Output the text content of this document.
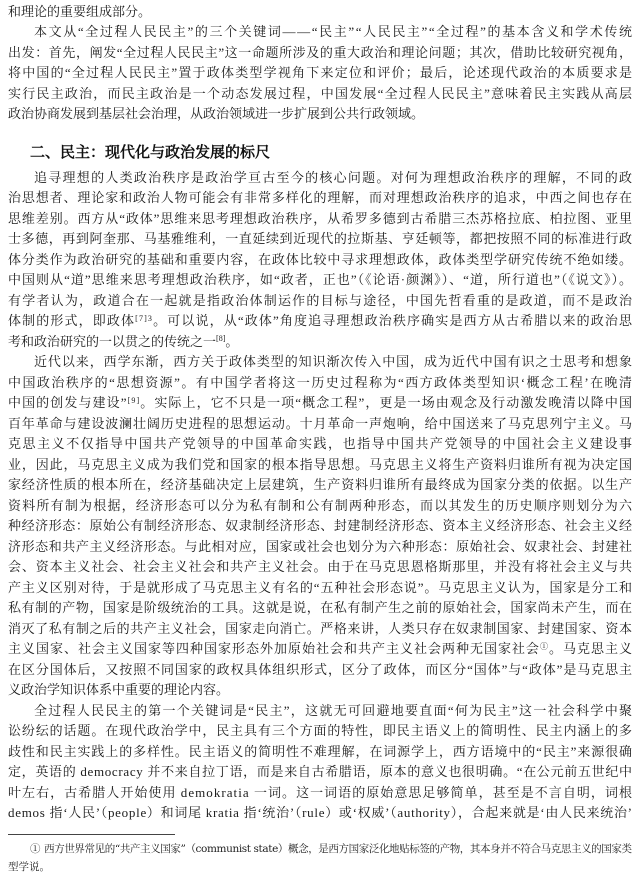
和理论的重要组成部分。
本文从“全过程人民民主”的三个关键词——“民主”“人民民主”“全过程”的基本含义和学术传统
出发：首先，阐发“全过程人民民主”这一命题所涉及的重大政治和理论问题；其次，借助比较研究视角，
将中国的“全过程人民民主”置于政体类型学视角下来定位和评价；最后，论述现代政治的本质要求是
实行民主政治，而民主政治是一个动态发展过程，中国发展“全过程人民民主”意味着民主实践从高层
政治协商发展到基层社会治理，从政治领域进一步扩展到公共行政领域。
二、民主：现代化与政治发展的标尺
追寻理想的人类政治秩序是政治学亘古至今的核心问题。对何为理想政治秩序的理解，不同的政
治思想者、理论家和政治人物可能会有非常多样化的理解，而对理想政治秩序的追求，中西之间也存在
思维差别。西方从“政体”思维来思考理想政治秩序，从希罗多德到古希腊三杰苏格拉底、柏拉图、亚里
士多德，再到阿奎那、马基雅维利，一直延续到近现代的拉斯基、亨廷顿等，都把按照不同的标准进行政
体分类作为政治研究的基础和重要内容，在政体比较中寻求理想政体，政体类型学研究传统不绝如缕。
中国则从“道”思维来思考理想政治秩序，如“政者，正也”（《论语·颜渊》）、“道，所行道也”（《说文》）。
有学者认为，政道合在一起就是指政治体制运作的目标与途径，中国先哲看重的是政道，而不是政治
体制的形式，即政体$^{[7]3}$。可以说，从“政体”角度追寻理想政治秩序确实是西方从古希腊以来的政治思
考和政治研究的一以贯之的传统之一[8]。
近代以来，西学东渐，西方关于政体类型的知识渐次传入中国，成为近代中国有识之士思考和想象
中国政治秩序的“思想资源”。有中国学者将这一历史过程称为“西方政体类型知识‘概念工程’在晚清
中国的创发与建设”[9]。实际上，它不只是一项“概念工程”，更是一场由观念及行动激发晚清以降中国
百年革命与建设波澜壮阔历史进程的思想运动。十月革命一声炮响，给中国送来了马克思列宁主义。马
克思主义不仅指导中国共产党领导的中国革命实践，也指导中国共产党领导的中国社会主义建设事
业，因此，马克思主义成为我们党和国家的根本指导思想。马克思主义将生产资料归谁所有视为决定国
家经济性质的根本所在，经济基础决定上层建筑，生产资料归谁所有最终成为国家分类的依据。以生产
资料所有制为根据，经济形态可以分为私有制和公有制两种形态，而以其发生的历史顺序则划分为六
种经济形态：原始公有制经济形态、奴隶制经济形态、封建制经济形态、资本主义经济形态、社会主义经
济形态和共产主义经济形态。与此相对应，国家或社会也划分为六种形态：原始社会、奴隶社会、封建社
会、资本主义社会、社会主义社会和共产主义社会。由于在马克思恩格斯那里，并没有将社会主义与共
产主义区别对待，于是就形成了马克思主义有名的“五种社会形态说”。马克思主义认为，国家是分工和
私有制的产物，国家是阶级统治的工具。这就是说，在私有制产生之前的原始社会，国家尚未产生，而在
消灭了私有制之后的共产主义社会，国家走向消亡。严格来讲，人类只存在奴隶制国家、封建国家、资本
主义国家、社会主义国家等四种国家形态外加原始社会和共产主义社会两种无国家社会①。马克思主义
在区分国体后，又按照不同国家的政权具体组织形式，区分了政体，而区分“国体”与“政体”是马克思主
义政治学知识体系中重要的理论内容。
全过程人民民主的第一个关键词是“民主”，这就无可回避地要直面“何为民主”这一社会科学中聚
讼纷纭的话题。在现代政治学中，民主具有三个方面的特性，即民主语义上的简明性、民主内涵上的多
歧性和民主实践上的多样性。民主语义的简明性不难理解，在词源学上，西方语境中的“民主”来源很确
定，英语的 democracy 并不来自拉丁语，而是来自古希腊语，原本的意义也很明确。“在公元前五世纪中
叶左右，古希腊人开始使用 demokratia 一词。这一词语的原始意思足够简单，甚至是不言自明，词根
demos 指‘人民’（people）和词尾 kratia 指‘统治’（rule）或‘权威’（authority），合起来就是‘由人民来统治’
① 西方世界常见的“共产主义国家”（communist state）概念，是西方国家泛化地贴标签的产物，其本身并不符合马克思主义的国家类
型学说。
